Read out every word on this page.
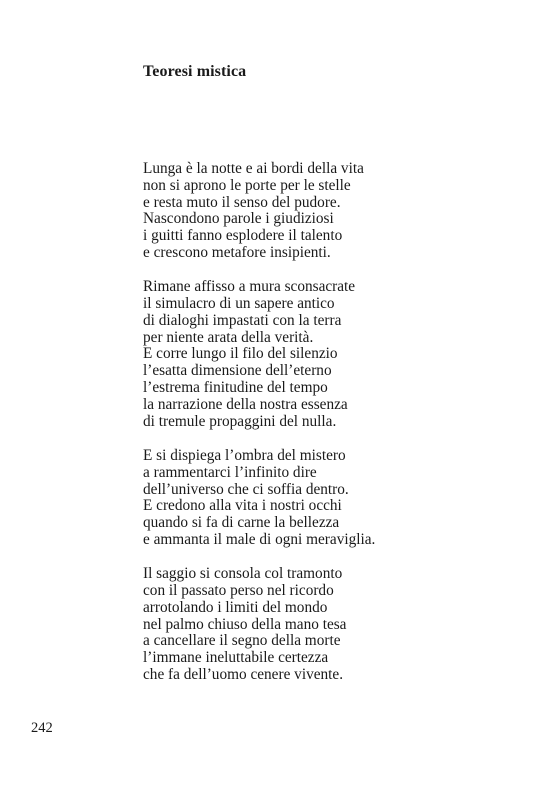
Teoresi mistica
Lunga è la notte e ai bordi della vita
non si aprono le porte per le stelle
e resta muto il senso del pudore.
Nascondono parole i giudiziosi
i guitti fanno esplodere il talento
e crescono metafore insipienti.
Rimane affisso a mura sconsacrate
il simulacro di un sapere antico
di dialoghi impastati con la terra
per niente arata della verità.
E corre lungo il filo del silenzio
l’esatta dimensione dell’eterno
l’estrema finitudine del tempo
la narrazione della nostra essenza
di tremule propaggini del nulla.
E si dispiega l’ombra del mistero
a rammentarci l’infinito dire
dell’universo che ci soffia dentro.
E credono alla vita i nostri occhi
quando si fa di carne la bellezza
e ammanta il male di ogni meraviglia.
Il saggio si consola col tramonto
con il passato perso nel ricordo
arrotolando i limiti del mondo
nel palmo chiuso della mano tesa
a cancellare il segno della morte
l’immane ineluttabile certezza
che fa dell’uomo cenere vivente.
242
